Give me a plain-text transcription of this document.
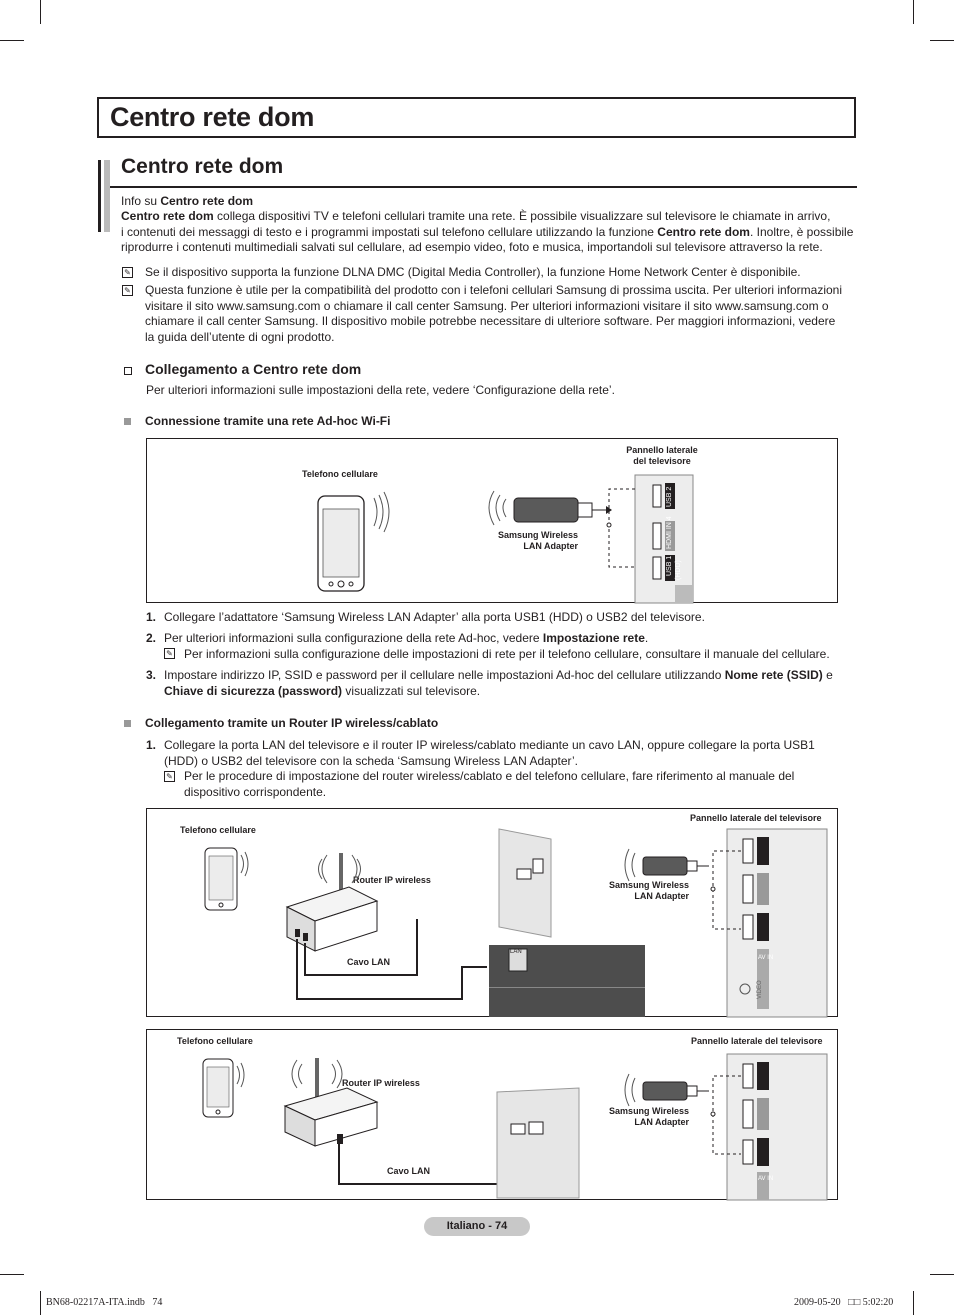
Centro rete dom
Centro rete dom
Info su Centro rete dom
Centro rete dom collega dispositivi TV e telefoni cellulari tramite una rete. È possibile visualizzare sul televisore le chiamate in arrivo,
i contenuti dei messaggi di testo e i programmi impostati sul telefono cellulare utilizzando la funzione Centro rete dom. Inoltre, è possibile
riprodurre i contenuti multimediali salvati sul cellulare, ad esempio video, foto e musica, importandoli sul televisore attraverso la rete.
✎ Se il dispositivo supporta la funzione DLNA DMC (Digital Media Controller), la funzione Home Network Center è disponibile.
✎ Questa funzione è utile per la compatibilità del prodotto con i telefoni cellulari Samsung di prossima uscita. Per ulteriori informazioni
visitare il sito www.samsung.com o chiamare il call center Samsung. Per ulteriori informazioni visitare il sito www.samsung.com o
chiamare il call center Samsung. Il dispositivo mobile potrebbe necessitare di ulteriore software. Per maggiori informazioni, vedere
la guida dell’utente di ogni prodotto.
Collegamento a Centro rete dom
Per ulteriori informazioni sulle impostazioni della rete, vedere ‘Configurazione della rete’.
Connessione tramite una rete Ad-hoc Wi-Fi
Telefono cellulare
Samsung Wireless
LAN Adapter
Pannello laterale
del televisore
USB 2
HDMI IN 4
USB 1 (HDD)
1. Collegare l’adattatore ‘Samsung Wireless LAN Adapter’ alla porta USB1 (HDD) o USB2 del televisore.
2. Per ulteriori informazioni sulla configurazione della rete Ad-hoc, vedere Impostazione rete.
✎ Per informazioni sulla configurazione delle impostazioni di rete per il telefono cellulare, consultare il manuale del cellulare.
3. Impostare indirizzo IP, SSID e password per il cellulare nelle impostazioni Ad-hoc del cellulare utilizzando Nome rete (SSID) e
Chiave di sicurezza (password) visualizzati sul televisore.
Collegamento tramite un Router IP wireless/cablato
1. Collegare la porta LAN del televisore e il router IP wireless/cablato mediante un cavo LAN, oppure collegare la porta USB1
(HDD) o USB2 del televisore con la scheda ‘Samsung Wireless LAN Adapter’.
✎ Per le procedure di impostazione del router wireless/cablato e del telefono cellulare, fare riferimento al manuale del
dispositivo corrispondente.
Telefono cellulare
Router IP wireless
Cavo LAN
LAN
Samsung Wireless
LAN Adapter
Pannello laterale del televisore
AV IN
VIDEO
Telefono cellulare
Router IP wireless
Cavo LAN
Samsung Wireless
LAN Adapter
Pannello laterale del televisore
AV IN
Italiano - 74
BN68-02217A-ITA.indb   74	2009-05-20   □□ 5:02:20
